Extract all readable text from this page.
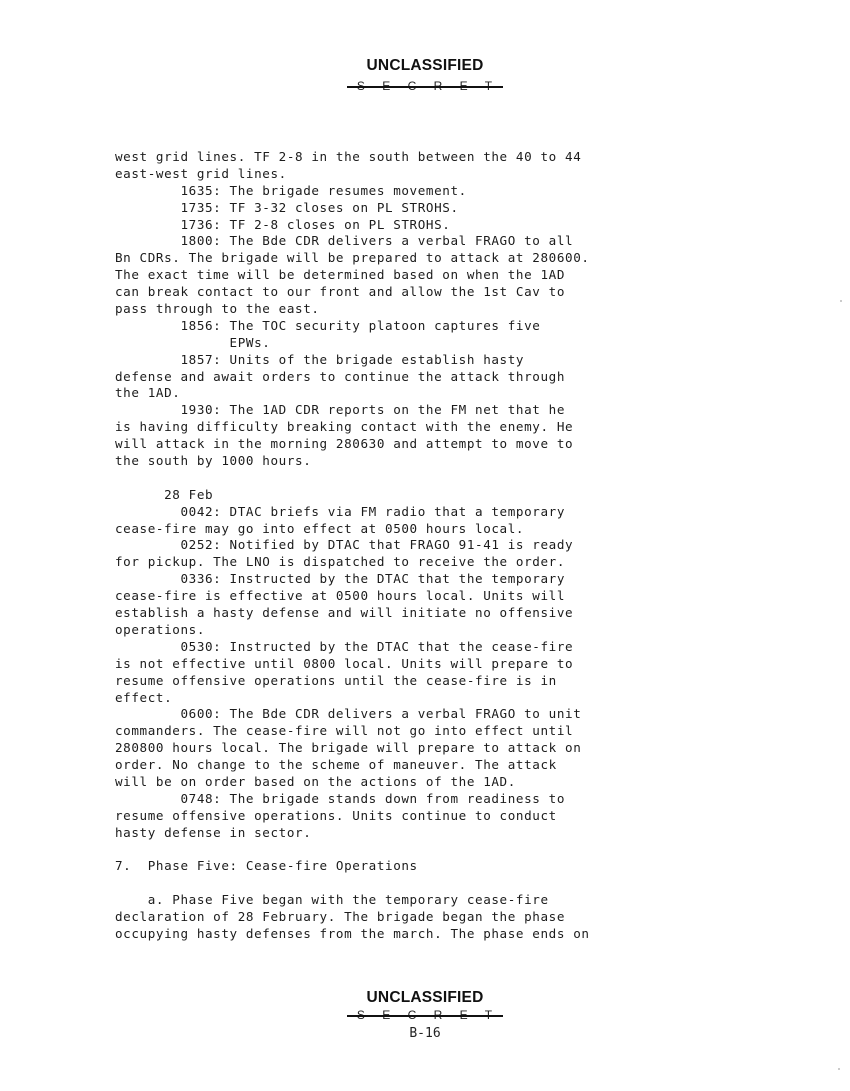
UNCLASSIFIED
S E C R E T
west grid lines. TF 2-8 in the south between the 40 to 44
east-west grid lines.
1635: The brigade resumes movement.
1735: TF 3-32 closes on PL STROHS.
1736: TF 2-8 closes on PL STROHS.
1800: The Bde CDR delivers a verbal FRAGO to all
Bn CDRs. The brigade will be prepared to attack at 280600.
The exact time will be determined based on when the 1AD
can break contact to our front and allow the 1st Cav to
pass through to the east.
1856: The TOC security platoon captures five
EPWs.
1857: Units of the brigade establish hasty
defense and await orders to continue the attack through
the 1AD.
1930: The 1AD CDR reports on the FM net that he
is having difficulty breaking contact with the enemy. He
will attack in the morning 280630 and attempt to move to
the south by 1000 hours.
28 Feb
0042: DTAC briefs via FM radio that a temporary
cease-fire may go into effect at 0500 hours local.
0252: Notified by DTAC that FRAGO 91-41 is ready
for pickup. The LNO is dispatched to receive the order.
0336: Instructed by the DTAC that the temporary
cease-fire is effective at 0500 hours local. Units will
establish a hasty defense and will initiate no offensive
operations.
0530: Instructed by the DTAC that the cease-fire
is not effective until 0800 local. Units will prepare to
resume offensive operations until the cease-fire is in
effect.
0600: The Bde CDR delivers a verbal FRAGO to unit
commanders. The cease-fire will not go into effect until
280800 hours local. The brigade will prepare to attack on
order. No change to the scheme of maneuver. The attack
will be on order based on the actions of the 1AD.
0748: The brigade stands down from readiness to
resume offensive operations. Units continue to conduct
hasty defense in sector.
7.  Phase Five: Cease-fire Operations
a. Phase Five began with the temporary cease-fire
declaration of 28 February. The brigade began the phase
occupying hasty defenses from the march. The phase ends on
UNCLASSIFIED
S E C R E T
B-16
